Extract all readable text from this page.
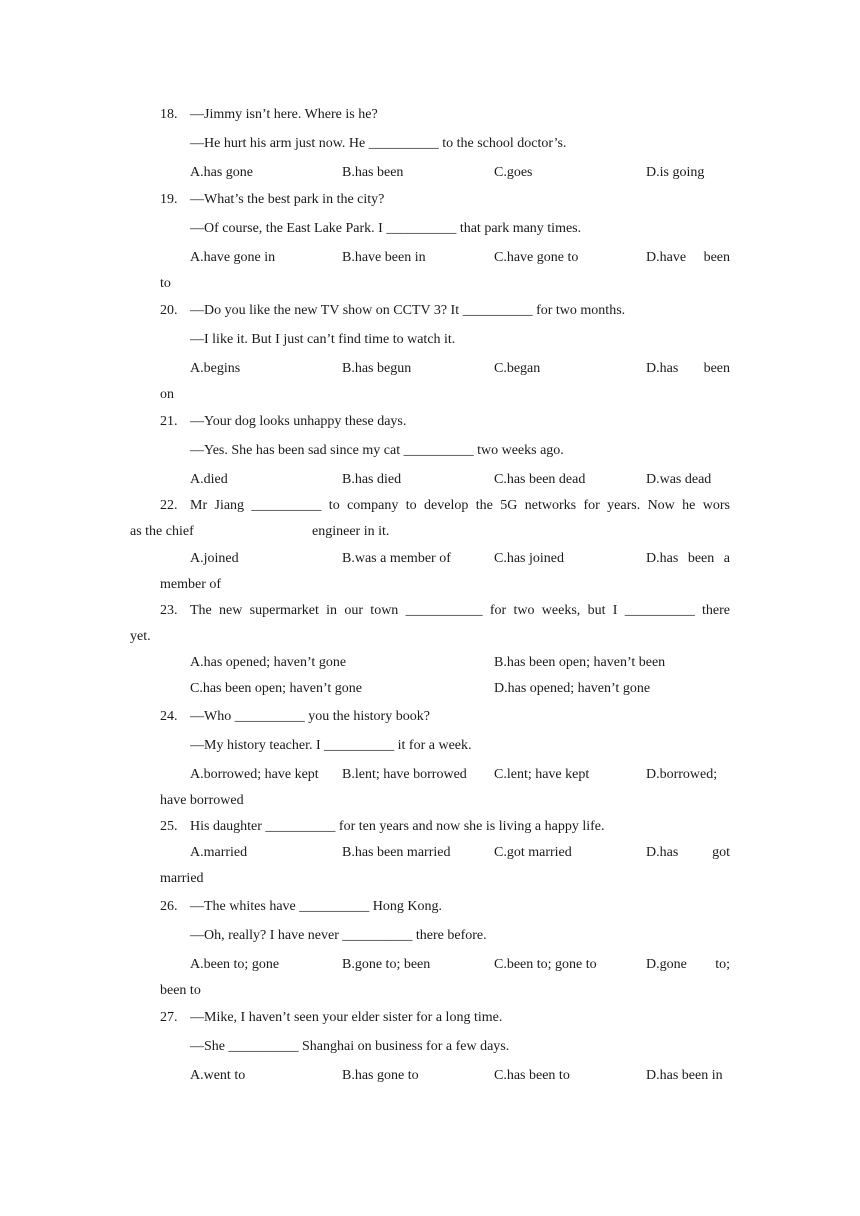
18. —Jimmy isn’t here. Where is he?
—He hurt his arm just now. He __________ to the school doctor’s.
A.has gone	B.has been	C.goes	D.is going
19. —What’s the best park in the city?
—Of course, the East Lake Park. I __________ that park many times.
A.have gone in	B.have been in	C.have gone to	D.have been
to
20. —Do you like the new TV show on CCTV 3? It __________ for two months.
—I like it. But I just can’t find time to watch it.
A.begins	B.has begun	C.began	D.has been
on
21. —Your dog looks unhappy these days.
—Yes. She has been sad since my cat __________ two weeks ago.
A.died	B.has died	C.has been dead	D.was dead
22. Mr Jiang __________ to company to develop the 5G networks for years. Now he wors
as the chief	engineer in it.
A.joined	B.was a member of	C.has joined	D.has been a
member of
23. The new supermarket in our town ___________ for two weeks, but I __________ there
yet.
A.has opened; haven’t gone	B.has been open; haven’t been
C.has been open; haven’t gone	D.has opened; haven’t gone
24. —Who __________ you the history book?
—My history teacher. I __________ it for a week.
A.borrowed; have kept B.lent; have borrowed C.lent; have kept	D.borrowed;
have borrowed
25. His daughter __________ for ten years and now she is living a happy life.
A.married	B.has been married	C.got married	D.has got
married
26. —The whites have __________ Hong Kong.
—Oh, really? I have never __________ there before.
A.been to; gone	B.gone to; been	C.been to; gone to	D.gone to;
been to
27. —Mike, I haven’t seen your elder sister for a long time.
—She __________ Shanghai on business for a few days.
A.went to	B.has gone to	C.has been to	D.has been in
